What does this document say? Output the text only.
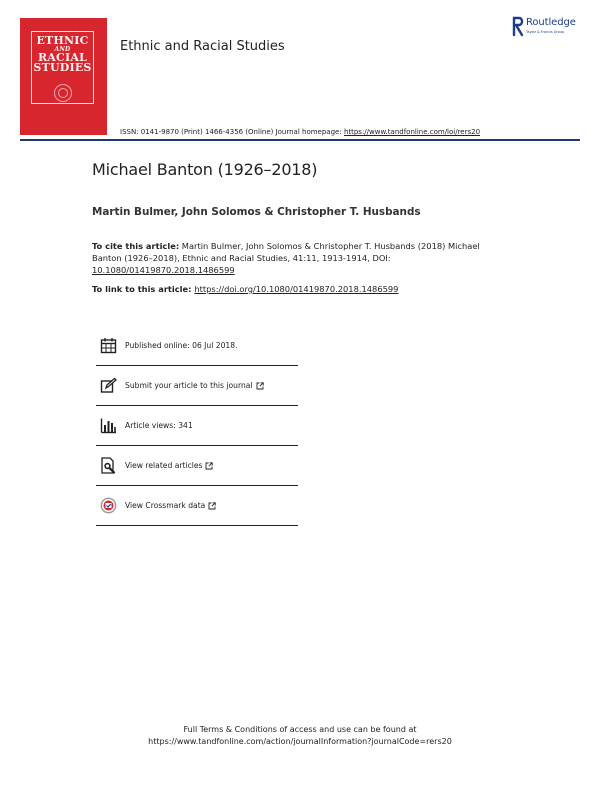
ETHNIC
AND
RACIAL
STUDIES

Ethnic and Racial Studies
Routledge
Taylor & Francis Group
ISSN: 0141-9870 (Print) 1466-4356 (Online) Journal homepage: https://www.tandfonline.com/loi/rers20
Michael Banton (1926–2018)
Martin Bulmer, John Solomos & Christopher T. Husbands
To cite this article: Martin Bulmer, John Solomos & Christopher T. Husbands (2018) Michael Banton (1926–2018), Ethnic and Racial Studies, 41:11, 1913-1914, DOI: 10.1080/01419870.2018.1486599
To link to this article: https://doi.org/10.1080/01419870.2018.1486599
Published online: 06 Jul 2018.
Submit your article to this journal
Article views: 341
View related articles
View Crossmark data
Full Terms & Conditions of access and use can be found at
https://www.tandfonline.com/action/journalInformation?journalCode=rers20
